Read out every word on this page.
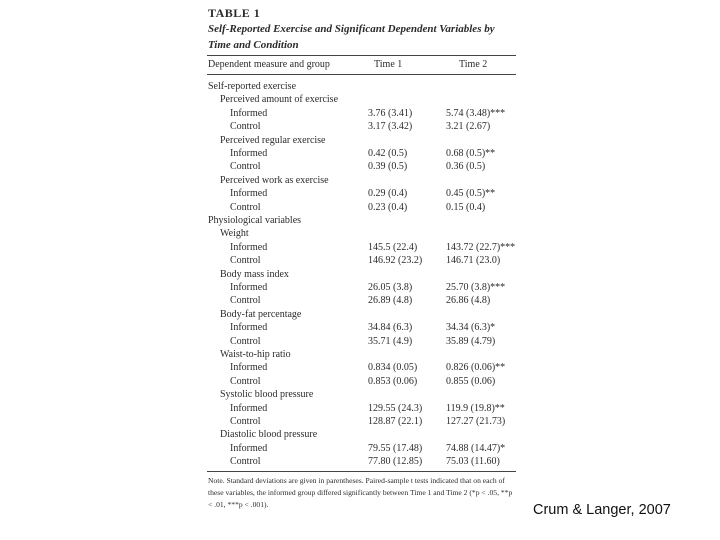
TABLE 1
Self-Reported Exercise and Significant Dependent Variables by Time and Condition
Dependent measure and group	Time 1	Time 2
Self-reported exercise
Perceived amount of exercise
Informed	3.76 (3.41)	5.74 (3.48)***
Control	3.17 (3.42)	3.21 (2.67)
Perceived regular exercise
Informed	0.42 (0.5)	0.68 (0.5)**
Control	0.39 (0.5)	0.36 (0.5)
Perceived work as exercise
Informed	0.29 (0.4)	0.45 (0.5)**
Control	0.23 (0.4)	0.15 (0.4)
Physiological variables
Weight
Informed	145.5 (22.4)	143.72 (22.7)***
Control	146.92 (23.2) 146.71 (23.0)
Body mass index
Informed	26.05 (3.8)	25.70 (3.8)***
Control	26.89 (4.8)	26.86 (4.8)
Body-fat percentage
Informed	34.84 (6.3)	34.34 (6.3)*
Control	35.71 (4.9)	35.89 (4.79)
Waist-to-hip ratio
Informed	0.834 (0.05)	0.826 (0.06)**
Control	0.853 (0.06)	0.855 (0.06)
Systolic blood pressure
Informed	129.55 (24.3) 119.9 (19.8)**
Control	128.87 (22.1) 127.27 (21.73)
Diastolic blood pressure
Informed	79.55 (17.48) 74.88 (14.47)*
Control	77.80 (12.85) 75.03 (11.60)
Note. Standard deviations are given in parentheses. Paired-sample t tests indicated that on each of these variables, the informed group differed significantly between Time 1 and Time 2 (*p < .05, **p < .01, ***p < .001).	Crum & Langer, 2007
